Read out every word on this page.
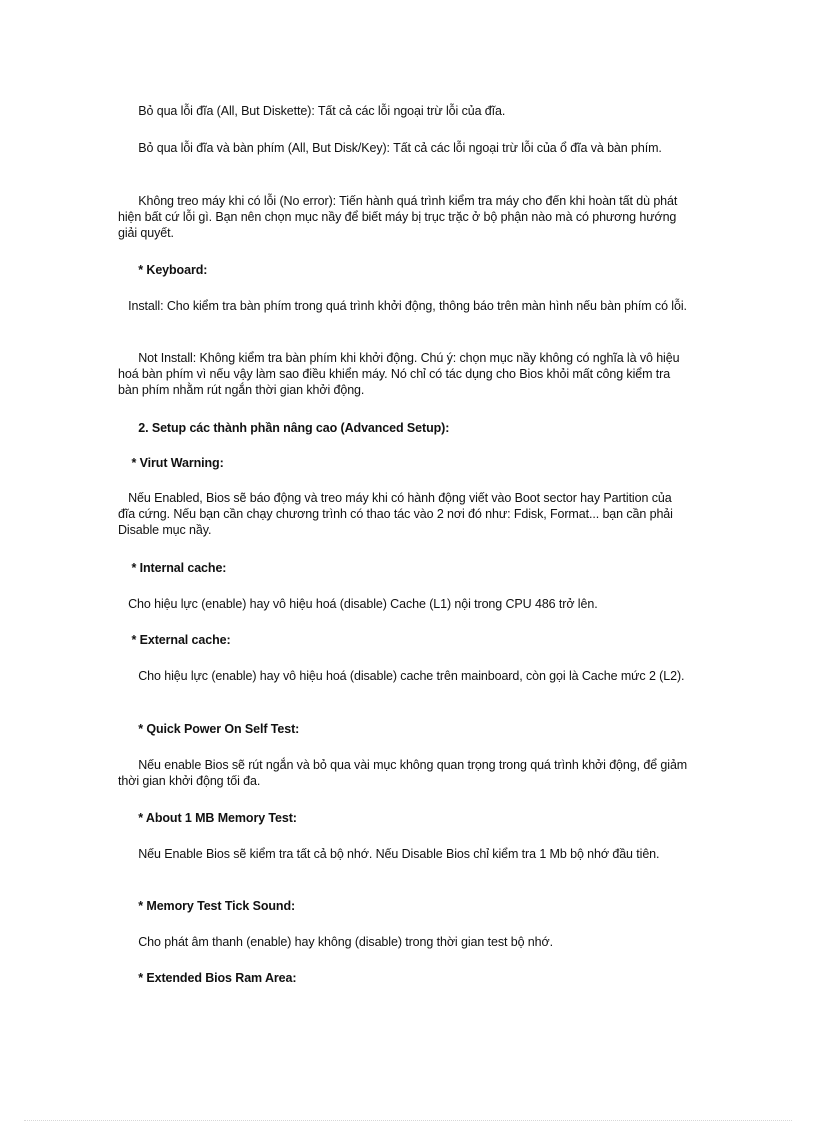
Bỏ qua lỗi đĩa (All, But Diskette): Tất cả các lỗi ngoại trừ lỗi của đĩa.

Bỏ qua lỗi đĩa và bàn phím (All, But Disk/Key): Tất cả các lỗi ngoại trừ lỗi của ổ đĩa và bàn phím.

Không treo máy khi có lỗi (No error): Tiến hành quá trình kiểm tra máy cho đến khi hoàn tất dù phát hiện bất cứ lỗi gì. Bạn nên chọn mục nầy để biết máy bị trục trặc ở bộ phận nào mà có phương hướng giải quyết.

* Keyboard:

Install: Cho kiểm tra bàn phím trong quá trình khởi động, thông báo trên màn hình nếu bàn phím có lỗi.

Not Install: Không kiểm tra bàn phím khi khởi động. Chú ý: chọn mục nầy không có nghĩa là vô hiệu hoá bàn phím vì nếu vậy làm sao điều khiển máy. Nó chỉ có tác dụng cho Bios khỏi mất công kiểm tra bàn phím nhằm rút ngắn thời gian khởi động.

2. Setup các thành phần nâng cao (Advanced Setup):

* Virut Warning:

Nếu Enabled, Bios sẽ báo động và treo máy khi có hành động viết vào Boot sector hay Partition của đĩa cứng. Nếu bạn cần chạy chương trình có thao tác vào 2 nơi đó như: Fdisk, Format... bạn cần phải Disable mục nầy.

* Internal cache:

Cho hiệu lực (enable) hay vô hiệu hoá (disable) Cache (L1) nội trong CPU 486 trở lên.

* External cache:

Cho hiệu lực (enable) hay vô hiệu hoá (disable) cache trên mainboard, còn gọi là Cache mức 2 (L2).

* Quick Power On Self Test:

Nếu enable Bios sẽ rút ngắn và bỏ qua vài mục không quan trọng trong quá trình khởi động, để giảm thời gian khởi động tối đa.

* About 1 MB Memory Test:

Nếu Enable Bios sẽ kiểm tra tất cả bộ nhớ. Nếu Disable Bios chỉ kiểm tra 1 Mb bộ nhớ đầu tiên.

* Memory Test Tick Sound:

Cho phát âm thanh (enable) hay không (disable) trong thời gian test bộ nhớ.

* Extended Bios Ram Area:
